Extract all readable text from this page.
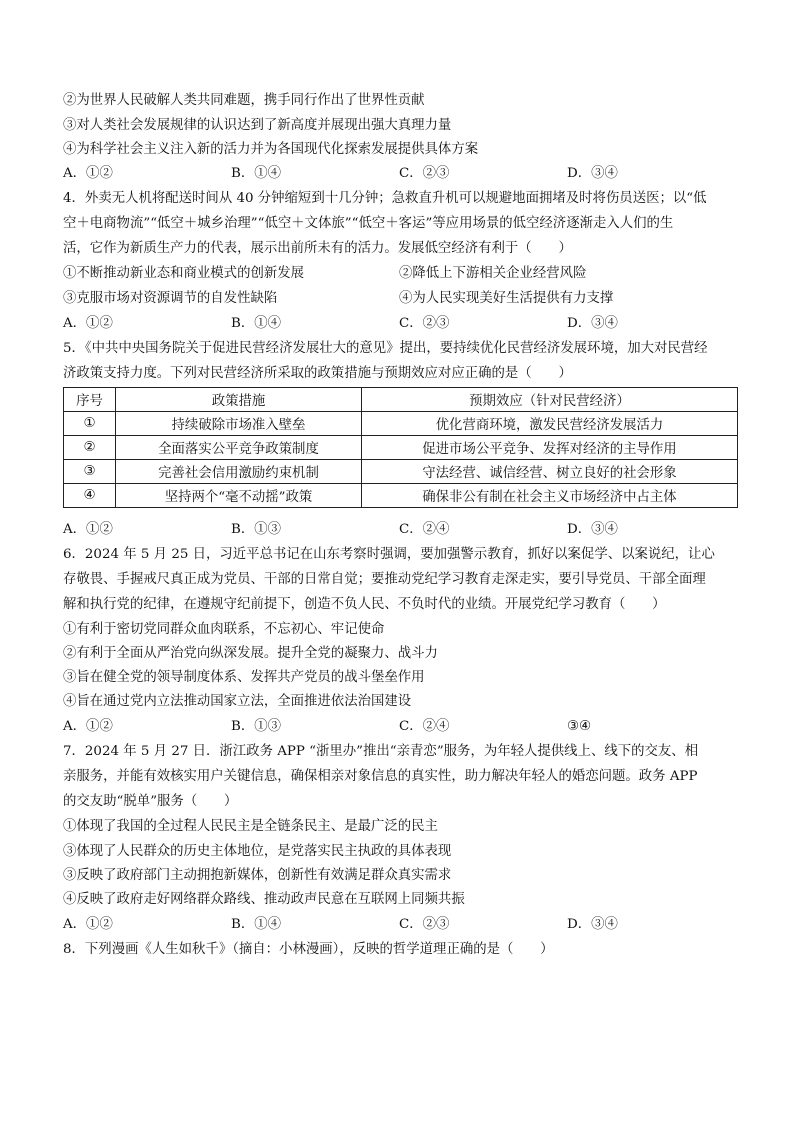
②为世界人民破解人类共同难题，携手同行作出了世界性贡献
③对人类社会发展规律的认识达到了新高度并展现出强大真理力量
④为科学社会主义注入新的活力并为各国现代化探索发展提供具体方案
A．①②	B．①④	C．②③	D．③④
4．外卖无人机将配送时间从 40 分钟缩短到十几分钟；急救直升机可以规避地面拥堵及时将伤员送医；以“低
空＋电商物流”“低空＋城乡治理”“低空＋文体旅”“低空＋客运”等应用场景的低空经济逐渐走入人们的生
活，它作为新质生产力的代表，展示出前所未有的活力。发展低空经济有利于（　　）
①不断推动新业态和商业模式的创新发展	②降低上下游相关企业经营风险
③克服市场对资源调节的自发性缺陷	④为人民实现美好生活提供有力支撑
A．①②	B．①④	C．②③	D．③④
5．《中共中央国务院关于促进民营经济发展壮大的意见》提出，要持续优化民营经济发展环境，加大对民营经
济政策支持力度。下列对民营经济所采取的政策措施与预期效应对应正确的是（　　）
序号	政策措施	预期效应（针对民营经济）
①	持续破除市场准入壁垒	优化营商环境，激发民营经济发展活力
②	全面落实公平竞争政策制度	促进市场公平竞争、发挥对经济的主导作用
③	完善社会信用激励约束机制	守法经营、诚信经营、树立良好的社会形象
④	坚持两个“毫不动摇”政策	确保非公有制在社会主义市场经济中占主体
A．①②	B．①③	C．②④	D．③④
6．2024 年 5 月 25 日，习近平总书记在山东考察时强调，要加强警示教育，抓好以案促学、以案说纪，让心
存敬畏、手握戒尺真正成为党员、干部的日常自觉；要推动党纪学习教育走深走实，要引导党员、干部全面理
解和执行党的纪律，在遵规守纪前提下，创造不负人民、不负时代的业绩。开展党纪学习教育（　　）
①有利于密切党同群众血肉联系，不忘初心、牢记使命
②有利于全面从严治党向纵深发展。提升全党的凝聚力、战斗力
③旨在健全党的领导制度体系、发挥共产党员的战斗堡垒作用
④旨在通过党内立法推动国家立法，全面推进依法治国建设
A．①②	B．①③	C．②④	③④
7．2024 年 5 月 27 日．浙江政务 APP “浙里办”推出“亲青恋”服务，为年轻人提供线上、线下的交友、相
亲服务，并能有效核实用户关键信息，确保相亲对象信息的真实性，助力解决年轻人的婚恋问题。政务 APP
的交友助“脱单”服务（　　）
①体现了我国的全过程人民民主是全链条民主、是最广泛的民主
③体现了人民群众的历史主体地位，是党落实民主执政的具体表现
③反映了政府部门主动拥抱新媒体，创新性有效满足群众真实需求
④反映了政府走好网络群众路线、推动政声民意在互联网上同频共振
A．①②	B．①④	C．②③	D．③④
8．下列漫画《人生如秋千》（摘自：小林漫画），反映的哲学道理正确的是（　　）
